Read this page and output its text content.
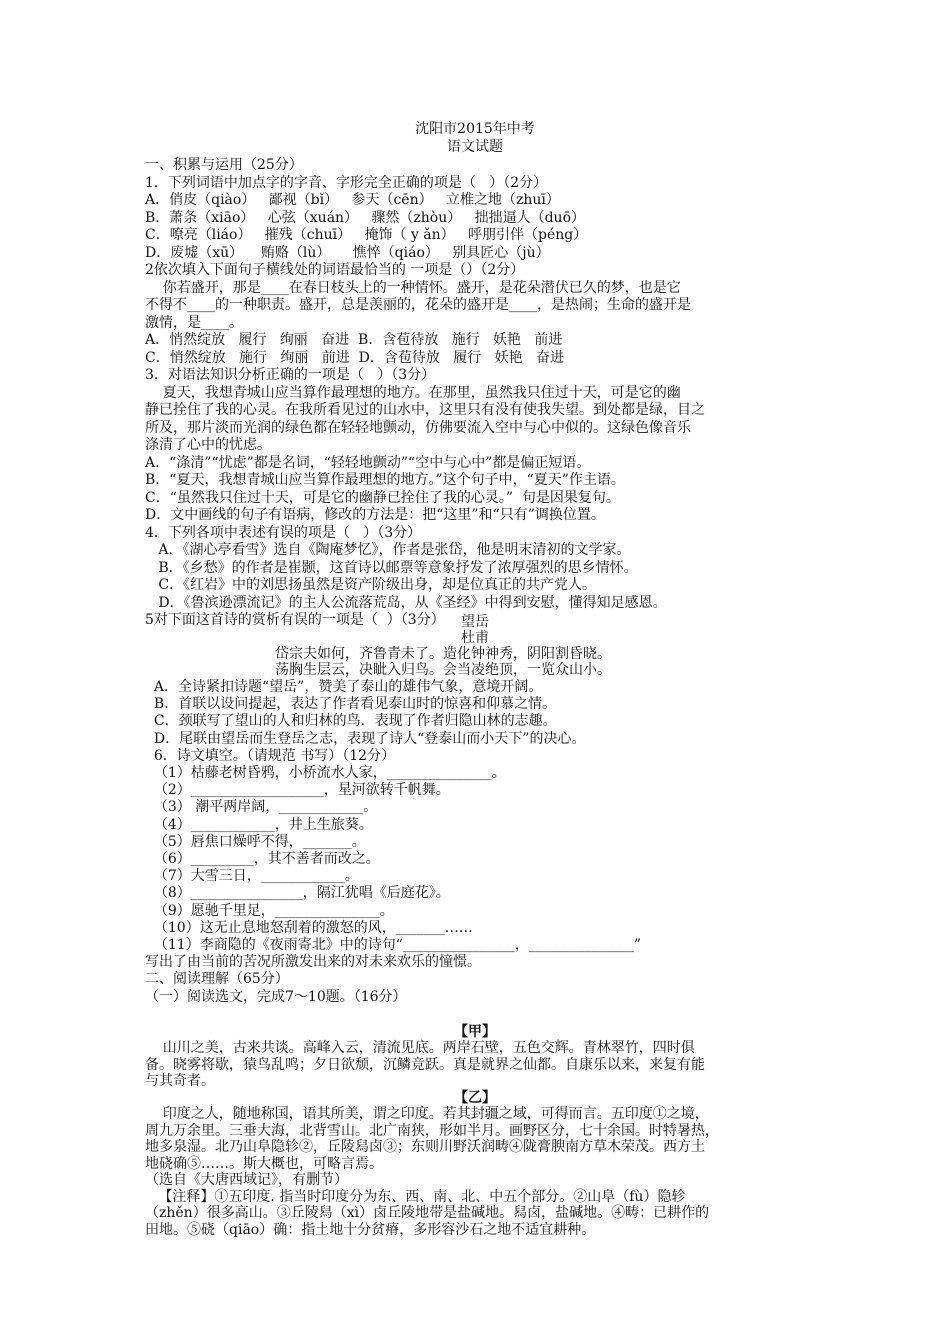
沈阳市2015年中考
语文试题
一、积累与运用（25分）
1．下列词语中加点字的字音、字形完全正确的项是（   ）（2分）
A．俏皮（qiào）   鄙视（bǐ）   参天（cēn）   立椎之地（zhuī）
B．萧条（xiāo）   心弦（xuán）   骤然（zhòu）   拙拙逼人（duō）
C．嘹亮（liáo）   摧残（chuī）   掩饰（ y ǎn）   呼朋引伴（péng）
D．废墟（xū）    贿赂（lù）     憔悴（qiáo）   别具匠心（jù）
2依次填入下面句子横线处的词语最恰当的 一项是（）（2分）
你若盛开，那是____在春日枝头上的一种情怀。盛开，是花朵潜伏已久的梦，也是它
不得不____的一种职责。盛开，总是羡丽的，花朵的盛开是____，是热闹；生命的盛开是
激情，是____。
A．悄然绽放   履行   绚丽   奋进  B．含苞待放   施行   妖艳   前进
C．悄然绽放   施行   绚丽   前进  D．含苞待放   履行   妖艳   奋进
3．对语法知识分析正确的一项是（   ）（3分）
夏天，我想青城山应当算作最理想的地方。在那里，虽然我只住过十天，可是它的幽
静已拴住了我的心灵。在我所看见过的山水中，这里只有没有使我失望。到处都是绿，目之
所及，那片淡而光润的绿色都在轻轻地颤动，仿佛要流入空中与心中似的。这绿色像音乐
涤清了心中的忧虑。
A．“涤清”“忧虑”都是名词，“轻轻地颤动”“空中与心中”都是偏正短语。
B．“夏天，我想青城山应当算作最理想的地方。”这个句子中，“夏天”作主语。
C．“虽然我只住过十天，可是它的幽静已拴住了我的心灵。”  句是因果复句。
D．文中画线的句子有语病，修改的方法是：把“这里”和“只有”调换位置。
4．下列各项中表述有误的项是（   ）（3分）
A．《湖心亭看雪》选自《陶庵梦忆》，作者是张岱，他是明末清初的文学家。
B．《乡愁》的作者是崔颢，这首诗以邮票等意象抒发了浓厚强烈的思乡情怀。
C．《红岩》中的刘思扬虽然是资产阶级出身，却是位真正的共产党人。
D．《鲁滨逊漂流记》的主人公流落荒岛，从《圣经》中得到安慰，懂得知足感恩。
5对下面这首诗的赏析有误的一项是（  ）（3分）	望岳
杜甫
岱宗夫如何，齐鲁青未了。造化钟神秀，阴阳割昏晓。
荡胸生层云，决眦入归鸟。会当凌绝顶，一览众山小。
A．全诗紧扣诗题“望岳”，赞美了泰山的雄伟气象，意境开阔。
B．首联以设问提起，表达了作者看见泰山时的惊喜和仰慕之情。
C．颈联写了望山的人和归林的鸟．表现了作者归隐山林的志趣。
D．尾联由望岳而生登岳之志，表现了诗人“登泰山而小天下”的决心。
6．诗文填空。（请规范 书写）（12分）
（1）枯藤老树昏鸦，小桥流水人家，_______________。
（2）___________________，星河欲转千帆舞。
（3） 潮平两岸阔，____________。
（4）____________，井上生旅葵。
（5）唇焦口燥呼不得，_______。
（6）_________，其不善者而改之。
（7）大雪三日，____________。
（8）________________，隔江犹唱《后庭花》。
（9）愿驰千里足，_______________。
（10）这无止息地怒刮着的激怒的风，_______……
（11）李商隐的《夜雨寄北》中的诗句“________________，_______________”
写出了由当前的苦况所激发出来的对未来欢乐的憧憬。
二、阅读理解（65分）
（一）阅读选文，完成7～10题。（16分）
【甲】
山川之美，古来共谈。高峰入云，清流见底。两岸石壁，五色交辉。青林翠竹，四时俱
备。晓雾将歇，猿鸟乱鸣；夕日欲颓，沉鳞竞跃。真是就界之仙都。自康乐以来，来复有能
与其奇者。
【乙】
印度之人，随地称国，语其所美，谓之印度。若其封疆之域，可得而言。五印度①之境，
周九万余里。三垂大海，北背雪山。北广南狭，形如半月。画野区分，七十余国。时特暑热，
地多泉湿。北乃山阜隐轸②，丘陵舄卤③；东则川野沃润畴④陇膏腴南方草木荣茂。西方土
地硗确⑤……。斯大概也，可略言焉。
（选自《大唐西域记》，有删节）
【注释】①五印度. 指当时印度分为东、西、南、北、中五个部分。②山阜（fù）隐轸
（zhěn）很多高山。③丘陵舄（xì）卤丘陵地带是盐碱地。舄卤，盐碱地。④畴：已耕作的
田地。⑤硗（qiāo）确：指土地十分贫瘠，多形容沙石之地不适宜耕种。
